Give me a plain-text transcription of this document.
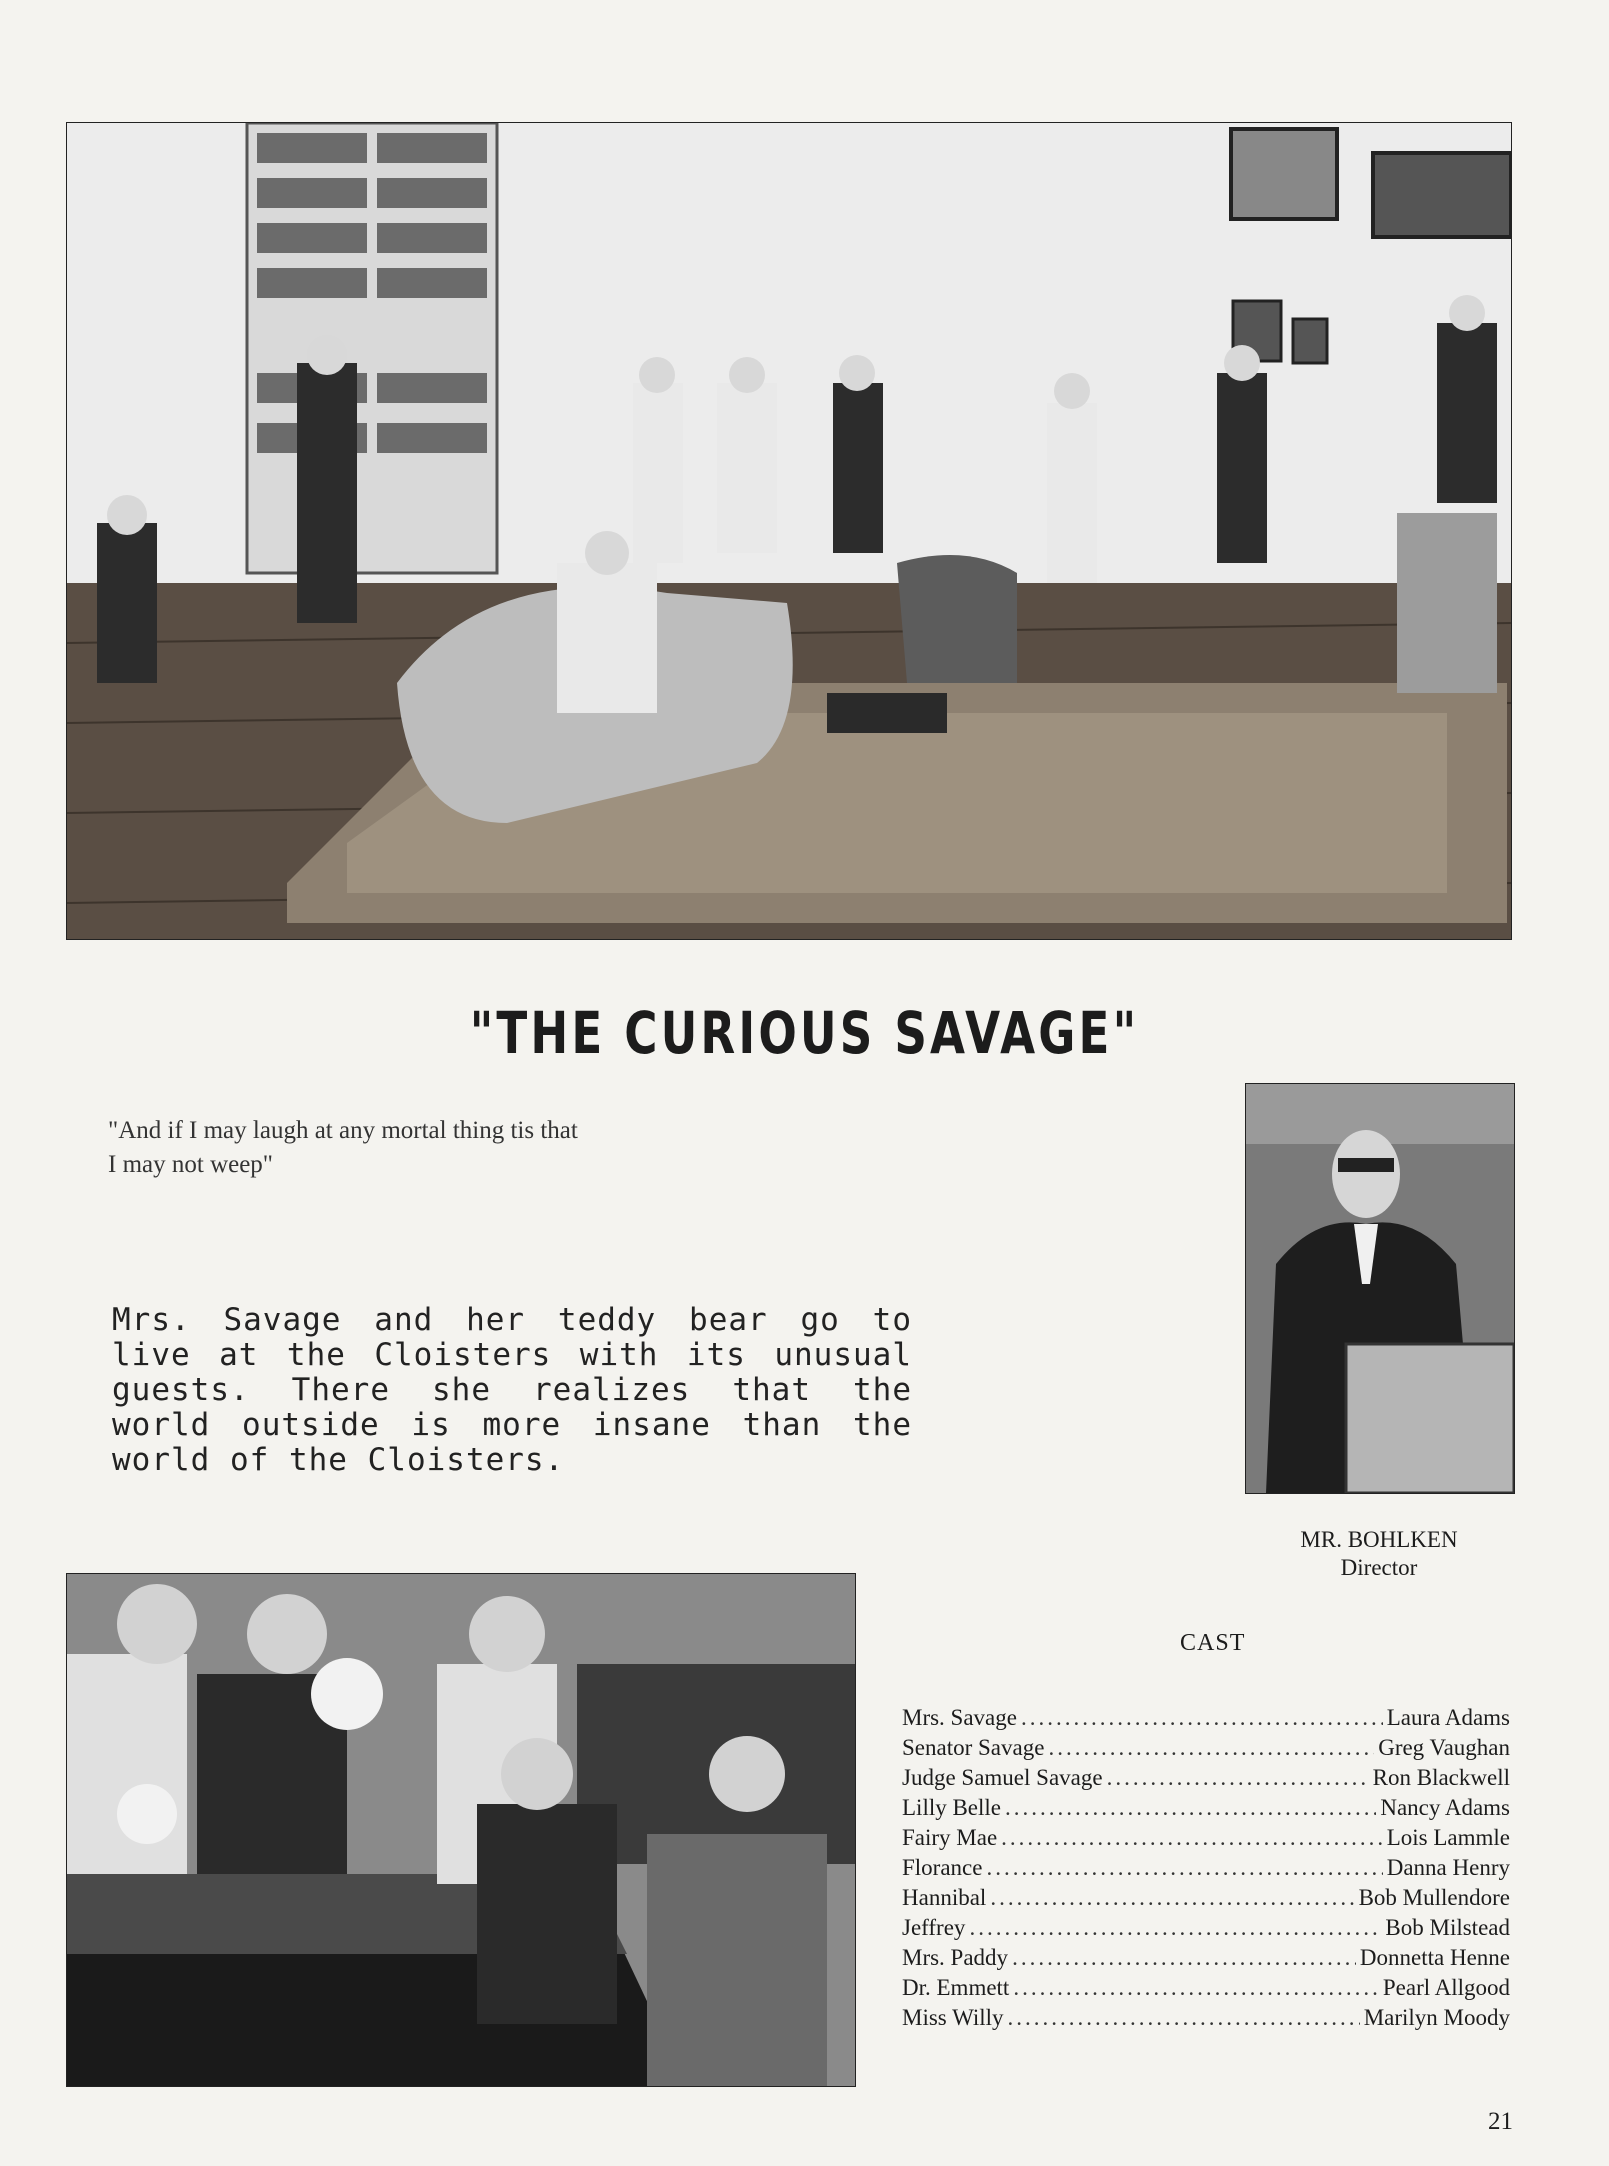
"THE CURIOUS SAVAGE"
"And if I may laugh at any mortal thing tis that
I may not weep"

Mrs. Savage and her teddy bear go to live at the Cloisters with its unusual guests. There she realizes that the world outside is more insane than the world of the Cloisters.

MR. BOHLKEN
Director
CAST
Mrs. Savage .....	Laura Adams
Senator Savage .....	Greg Vaughan
Judge Samuel Savage .....	Ron Blackwell
Lilly Belle .....	Nancy Adams
Fairy Mae .....	Lois Lammle
Florance .....	Danna Henry
Hannibal .....	Bob Mullendore
Jeffrey .....	Bob Milstead
Mrs. Paddy .....	Donnetta Henne
Dr. Emmett .....	Pearl Allgood
Miss Willy .....	Marilyn Moody
21
